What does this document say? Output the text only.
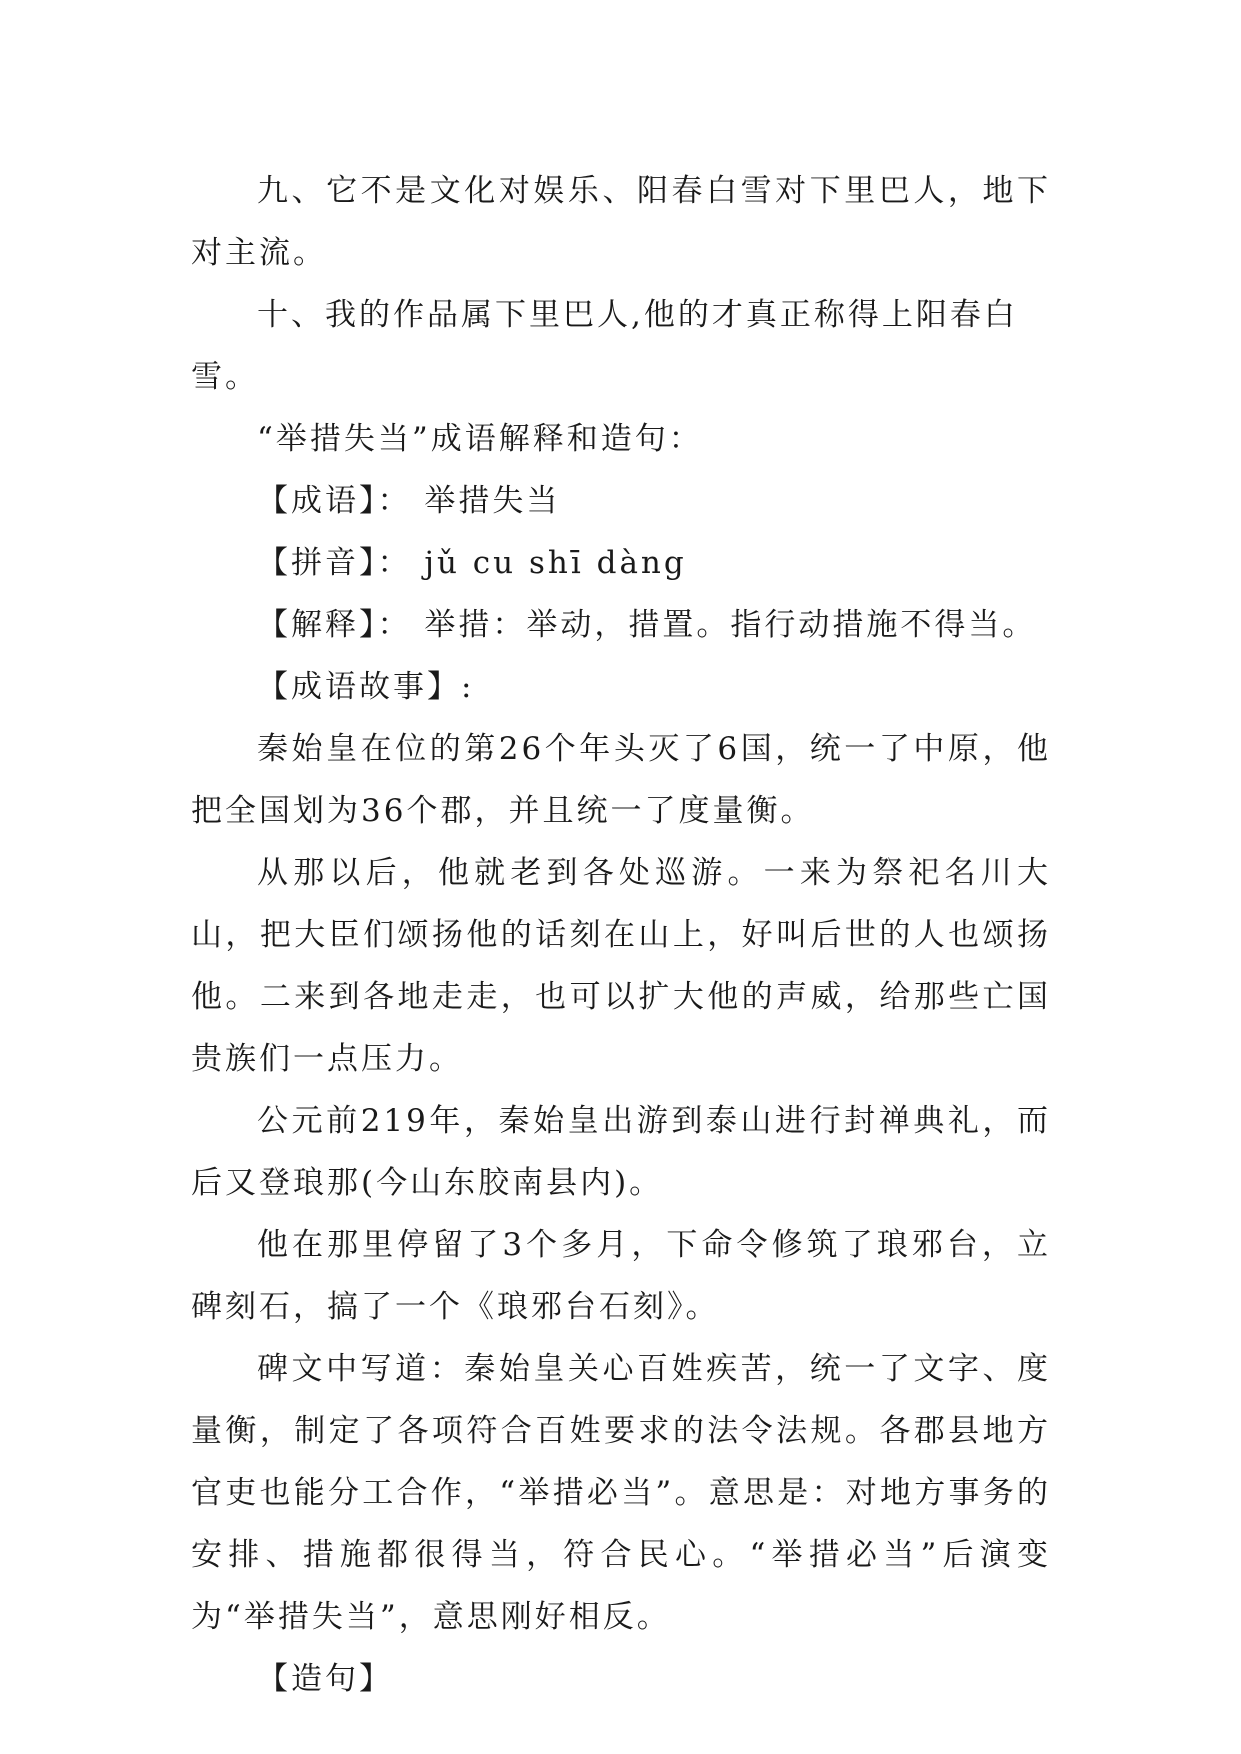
九、它不是文化对娱乐、阳春白雪对下里巴人，地下对主流。

十、我的作品属下里巴人,他的才真正称得上阳春白雪。

“举措失当”成语解释和造句：

【成语】： 举措失当

【拼音】： jǔ cu shī dàng

【解释】： 举措：举动，措置。指行动措施不得当。

【成语故事】:

秦始皇在位的第26个年头灭了6国，统一了中原，他把全国划为36个郡，并且统一了度量衡。

从那以后，他就老到各处巡游。一来为祭祀名川大山，把大臣们颂扬他的话刻在山上，好叫后世的人也颂扬他。二来到各地走走，也可以扩大他的声威，给那些亡国贵族们一点压力。

公元前219年，秦始皇出游到泰山进行封禅典礼，而后又登琅那(今山东胶南县内)。

他在那里停留了3个多月，下命令修筑了琅邪台，立碑刻石，搞了一个《琅邪台石刻》。

碑文中写道：秦始皇关心百姓疾苦，统一了文字、度量衡，制定了各项符合百姓要求的法令法规。各郡县地方官吏也能分工合作，“举措必当”。意思是：对地方事务的安排、措施都很得当，符合民心。“举措必当”后演变为“举措失当”，意思刚好相反。

【造句】
